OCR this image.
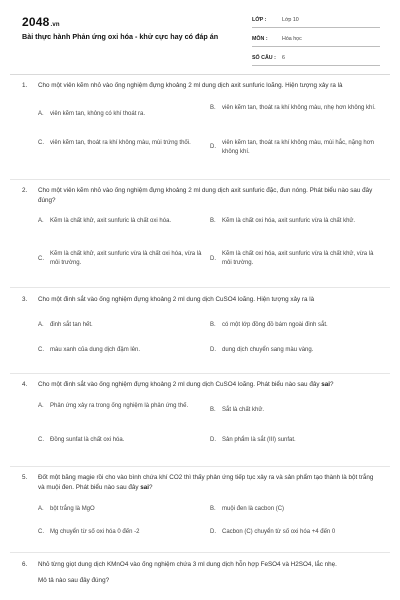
2048.vn
Bài thực hành Phản ứng oxi hóa - khử cực hay có đáp án
LỚP :	Lớp 10
MÔN :	Hóa học
SỐ CÂU :	6
1.	Cho một viên kẽm nhỏ vào ống nghiệm đựng khoảng 2 ml dung dịch axit sunfuric loãng. Hiện tượng xảy ra là
A.	viên kẽm tan, không có khí thoát ra.
B.	viên kẽm tan, thoát ra khí không màu, nhẹ hơn không khí.
C.	viên kẽm tan, thoát ra khí không màu, mùi trứng thối.
D.
viên kẽm tan, thoát ra khí không màu, mùi hắc, nặng hơn không khí.
2.	Cho một viên kẽm nhỏ vào ống nghiệm đựng khoảng 2 ml dung dịch axit sunfuric đặc, đun nóng. Phát biểu nào sau đây đúng?
A.	Kẽm là chất khử, axit sunfuric là chất oxi hóa.	B.	Kẽm là chất oxi hóa, axit sunfuric vừa là chất khử.
C.
Kẽm là chất khử, axit sunfuric vừa là chất oxi hóa, vừa là môi trường.
D.
Kẽm là chất oxi hóa, axit sunfuric vừa là chất khử, vừa là môi trường.
3.	Cho một đinh sắt vào ống nghiệm đựng khoảng 2 ml dung dịch CuSO4 loãng. Hiện tượng xảy ra là
A.	đinh sắt tan hết.	B.	có một lớp đồng đỏ bám ngoài đinh sắt.
C.	màu xanh của dung dịch đậm lên.	D.	dung dịch chuyển sang màu vàng.
4.	Cho một đinh sắt vào ống nghiệm đựng khoảng 2 ml dung dịch CuSO4 loãng. Phát biểu nào sau đây sai?
A.	Phản ứng xảy ra trong ống nghiệm là phản ứng thế.
B.	Sắt là chất khử.
C.	Đồng sunfat là chất oxi hóa.	D.	Sản phẩm là sắt (III) sunfat.
5.	Đốt một băng magie rồi cho vào bình chứa khí CO2 thì thấy phản ứng tiếp tục xảy ra và sản phẩm tạo thành là bột trắng và muội đen. Phát biểu nào sau đây sai?
A.	bột trắng là MgO	B.	muội đen là cacbon (C)
C.	Mg chuyển từ số oxi hóa 0 đến -2	D.	Cacbon (C) chuyển từ số oxi hóa +4 đến 0
6.	Nhỏ từng giọt dung dịch KMnO4 vào ống nghiệm chứa 3 ml dung dịch hỗn hợp FeSO4 và H2SO4, lắc nhẹ.
Mô tả nào sau đây đúng?
